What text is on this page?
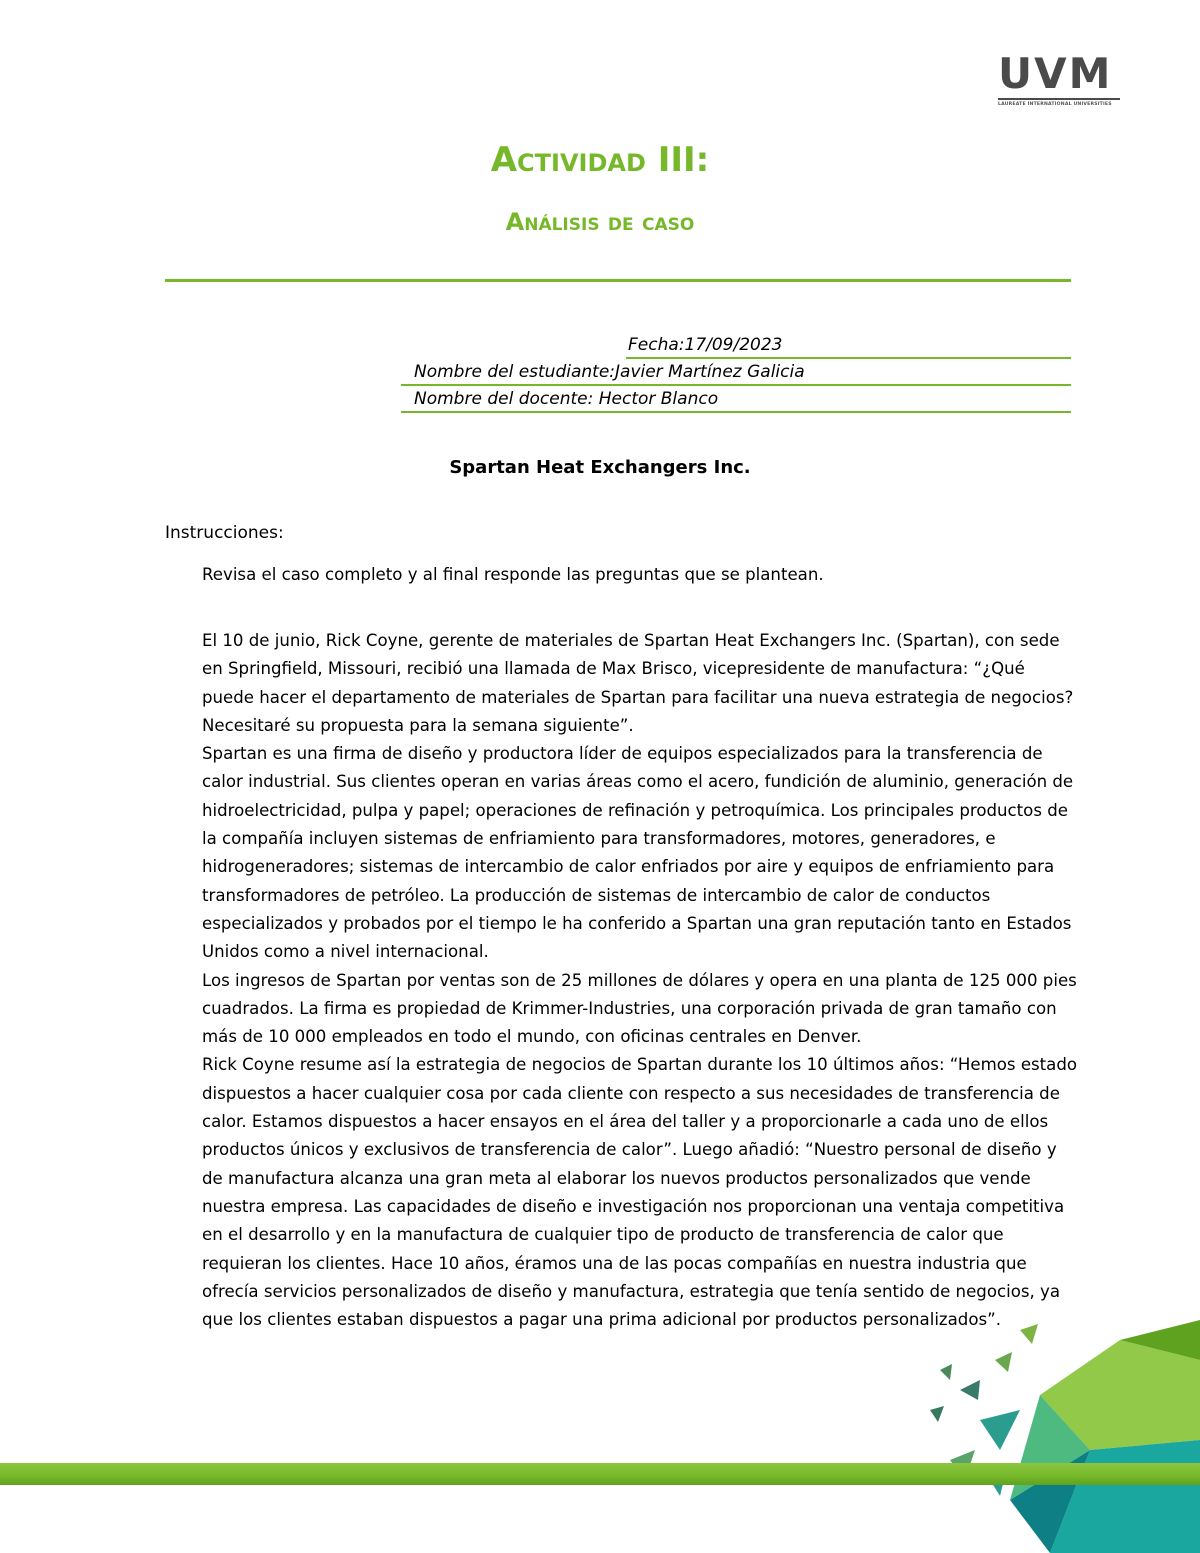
UVM
LAUREATE INTERNATIONAL UNIVERSITIES
Actividad III:
Análisis de caso
Fecha:17/09/2023
Nombre del estudiante:Javier Martínez Galicia
Nombre del docente: Hector Blanco
Spartan Heat Exchangers Inc.
Instrucciones:
Revisa el caso completo y al final responde las preguntas que se plantean.

El 10 de junio, Rick Coyne, gerente de materiales de Spartan Heat Exchangers Inc. (Spartan), con sede en Springfield, Missouri, recibió una llamada de Max Brisco, vicepresidente de manufactura: “¿Qué puede hacer el departamento de materiales de Spartan para facilitar una nueva estrategia de negocios? Necesitaré su propuesta para la semana siguiente”.

Spartan es una firma de diseño y productora líder de equipos especializados para la transferencia de calor industrial. Sus clientes operan en varias áreas como el acero, fundición de aluminio, generación de hidroelectricidad, pulpa y papel; operaciones de refinación y petroquímica. Los principales productos de la compañía incluyen sistemas de enfriamiento para transformadores, motores, generadores, e hidrogeneradores; sistemas de intercambio de calor enfriados por aire y equipos de enfriamiento para transformadores de petróleo. La producción de sistemas de intercambio de calor de conductos especializados y probados por el tiempo le ha conferido a Spartan una gran reputación tanto en Estados Unidos como a nivel internacional.

Los ingresos de Spartan por ventas son de 25 millones de dólares y opera en una planta de 125 000 pies cuadrados. La firma es propiedad de Krimmer-Industries, una corporación privada de gran tamaño con más de 10 000 empleados en todo el mundo, con oficinas centrales en Denver.

Rick Coyne resume así la estrategia de negocios de Spartan durante los 10 últimos años: “Hemos estado dispuestos a hacer cualquier cosa por cada cliente con respecto a sus necesidades de transferencia de calor. Estamos dispuestos a hacer ensayos en el área del taller y a proporcionarle a cada uno de ellos productos únicos y exclusivos de transferencia de calor”. Luego añadió: “Nuestro personal de diseño y de manufactura alcanza una gran meta al elaborar los nuevos productos personalizados que vende nuestra empresa. Las capacidades de diseño e investigación nos proporcionan una ventaja competitiva en el desarrollo y en la manufactura de cualquier tipo de producto de transferencia de calor que requieran los clientes. Hace 10 años, éramos una de las pocas compañías en nuestra industria que ofrecía servicios personalizados de diseño y manufactura, estrategia que tenía sentido de negocios, ya que los clientes estaban dispuestos a pagar una prima adicional por productos personalizados”.
